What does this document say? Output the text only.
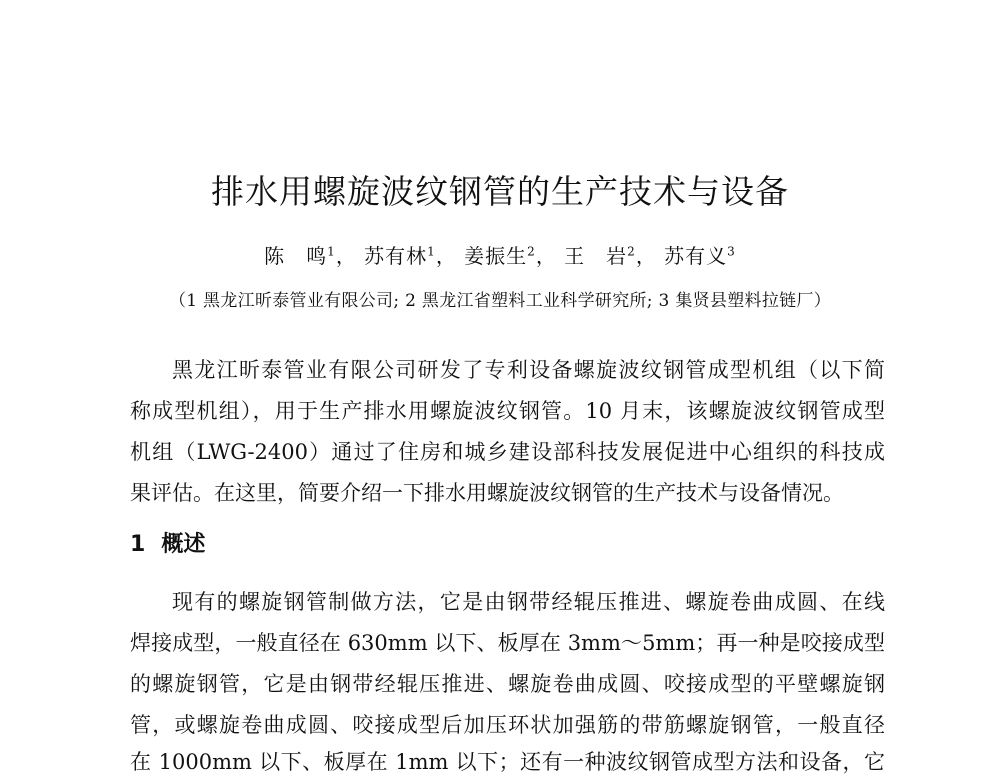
排水用螺旋波纹钢管的生产技术与设备
陈　鸣$^1$， 苏有林$^1$， 姜振生$^2$， 王　岩$^2$， 苏有义$^3$
（1 黑龙江昕泰管业有限公司; 2 黑龙江省塑料工业科学研究所; 3 集贤县塑料拉链厂）
黑龙江昕泰管业有限公司研发了专利设备螺旋波纹钢管成型机组（以下简
称成型机组），用于生产排水用螺旋波纹钢管。10 月末，该螺旋波纹钢管成型
机组（LWG-2400）通过了住房和城乡建设部科技发展促进中心组织的科技成
果评估。在这里，简要介绍一下排水用螺旋波纹钢管的生产技术与设备情况。
1 概述
现有的螺旋钢管制做方法，它是由钢带经辊压推进、螺旋卷曲成圆、在线
焊接成型，一般直径在 630mm 以下、板厚在 3mm～5mm；再一种是咬接成型
的螺旋钢管，它是由钢带经辊压推进、螺旋卷曲成圆、咬接成型的平壁螺旋钢
管，或螺旋卷曲成圆、咬接成型后加压环状加强筋的带筋螺旋钢管，一般直径
在 1000mm 以下、板厚在 1mm 以下；还有一种波纹钢管成型方法和设备，它
